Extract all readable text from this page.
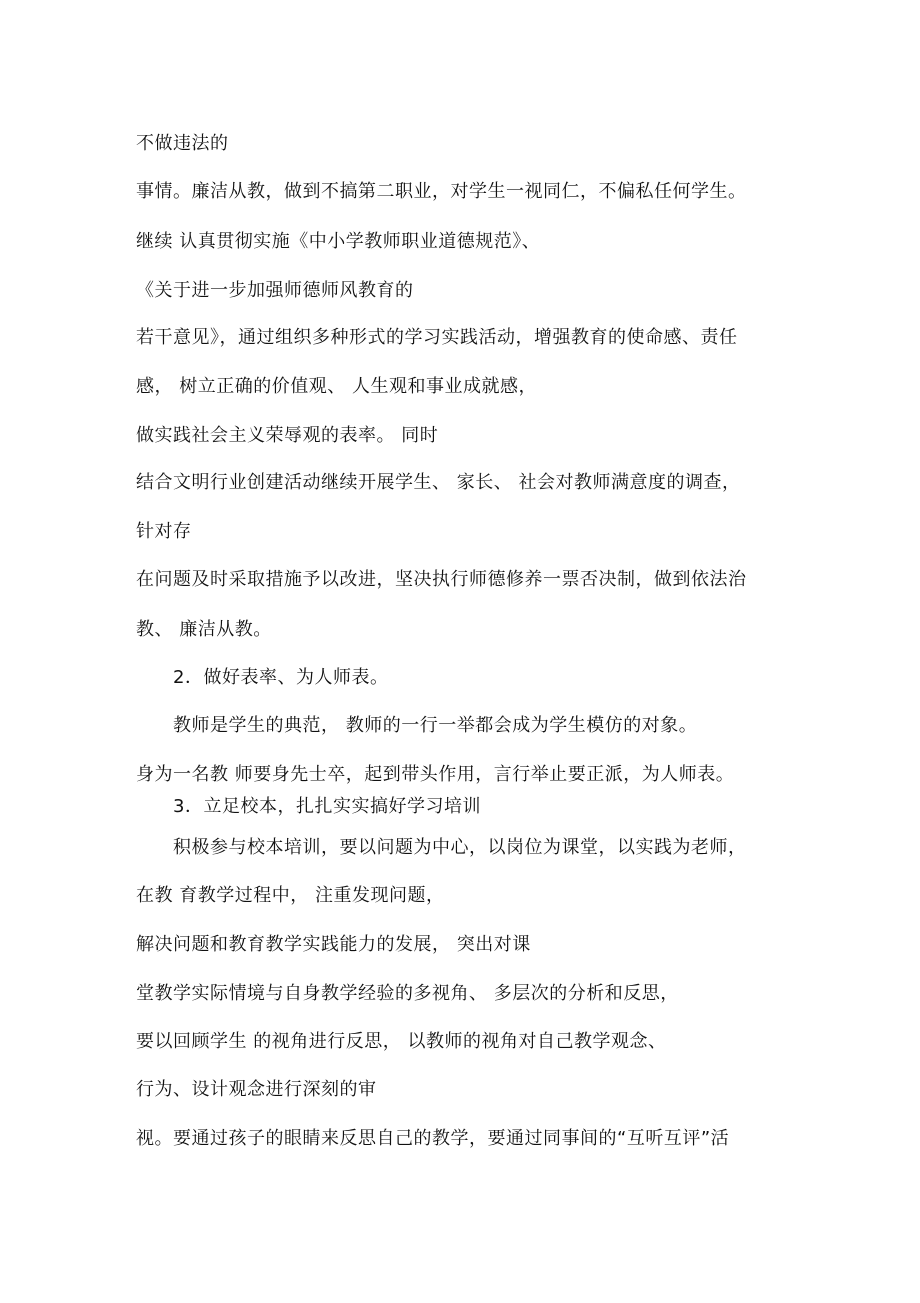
不做违法的
事情。廉洁从教，做到不搞第二职业，对学生一视同仁，不偏私任何学生。
继续 认真贯彻实施《中小学教师职业道德规范》、
《关于进一步加强师德师风教育的
若干意见》，通过组织多种形式的学习实践活动，增强教育的使命感、责任
感， 树立正确的价值观、 人生观和事业成就感，
做实践社会主义荣辱观的表率。 同时
结合文明行业创建活动继续开展学生、 家长、 社会对教师满意度的调查，
针对存
在问题及时采取措施予以改进，坚决执行师德修养一票否决制，做到依法治
教、 廉洁从教。
2．做好表率、为人师表。
教师是学生的典范， 教师的一行一举都会成为学生模仿的对象。
身为一名教 师要身先士卒，起到带头作用，言行举止要正派，为人师表。
3．立足校本，扎扎实实搞好学习培训
积极参与校本培训，要以问题为中心，以岗位为课堂，以实践为老师，
在教 育教学过程中， 注重发现问题，
解决问题和教育教学实践能力的发展， 突出对课
堂教学实际情境与自身教学经验的多视角、 多层次的分析和反思，
要以回顾学生 的视角进行反思， 以教师的视角对自己教学观念、
行为、设计观念进行深刻的审
视。要通过孩子的眼睛来反思自己的教学，要通过同事间的“互听互评”活
